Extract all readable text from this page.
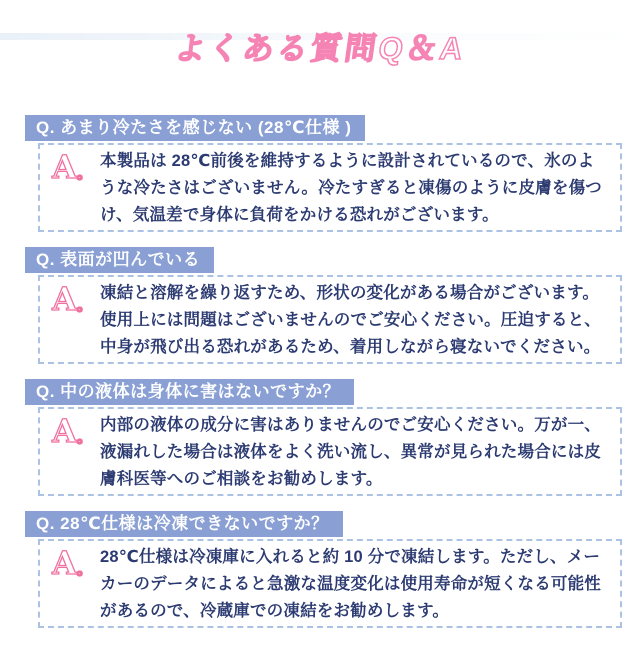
よくある質問Q＆A
Q. あまり冷たさを感じない (28℃仕様 )
A。

本製品は 28℃前後を維持するように設計されているので、氷のような冷たさはございません。冷たすぎると凍傷のように皮膚を傷つけ、気温差で身体に負荷をかける恐れがございます。

Q. 表面が凹んでいる
A。

凍結と溶解を繰り返すため、形状の変化がある場合がございます。使用上には問題はございませんのでご安心ください。圧迫すると、中身が飛び出る恐れがあるため、着用しながら寝ないでください。

Q. 中の液体は身体に害はないですか？
A。

内部の液体の成分に害はありませんのでご安心ください。万が一、液漏れした場合は液体をよく洗い流し、異常が見られた場合には皮膚科医等へのご相談をお勧めします。

Q. 28℃仕様は冷凍できないですか？
A。

28℃仕様は冷凍庫に入れると約 10 分で凍結します。ただし、メーカーのデータによると急激な温度変化は使用寿命が短くなる可能性があるので、冷蔵庫での凍結をお勧めします。
